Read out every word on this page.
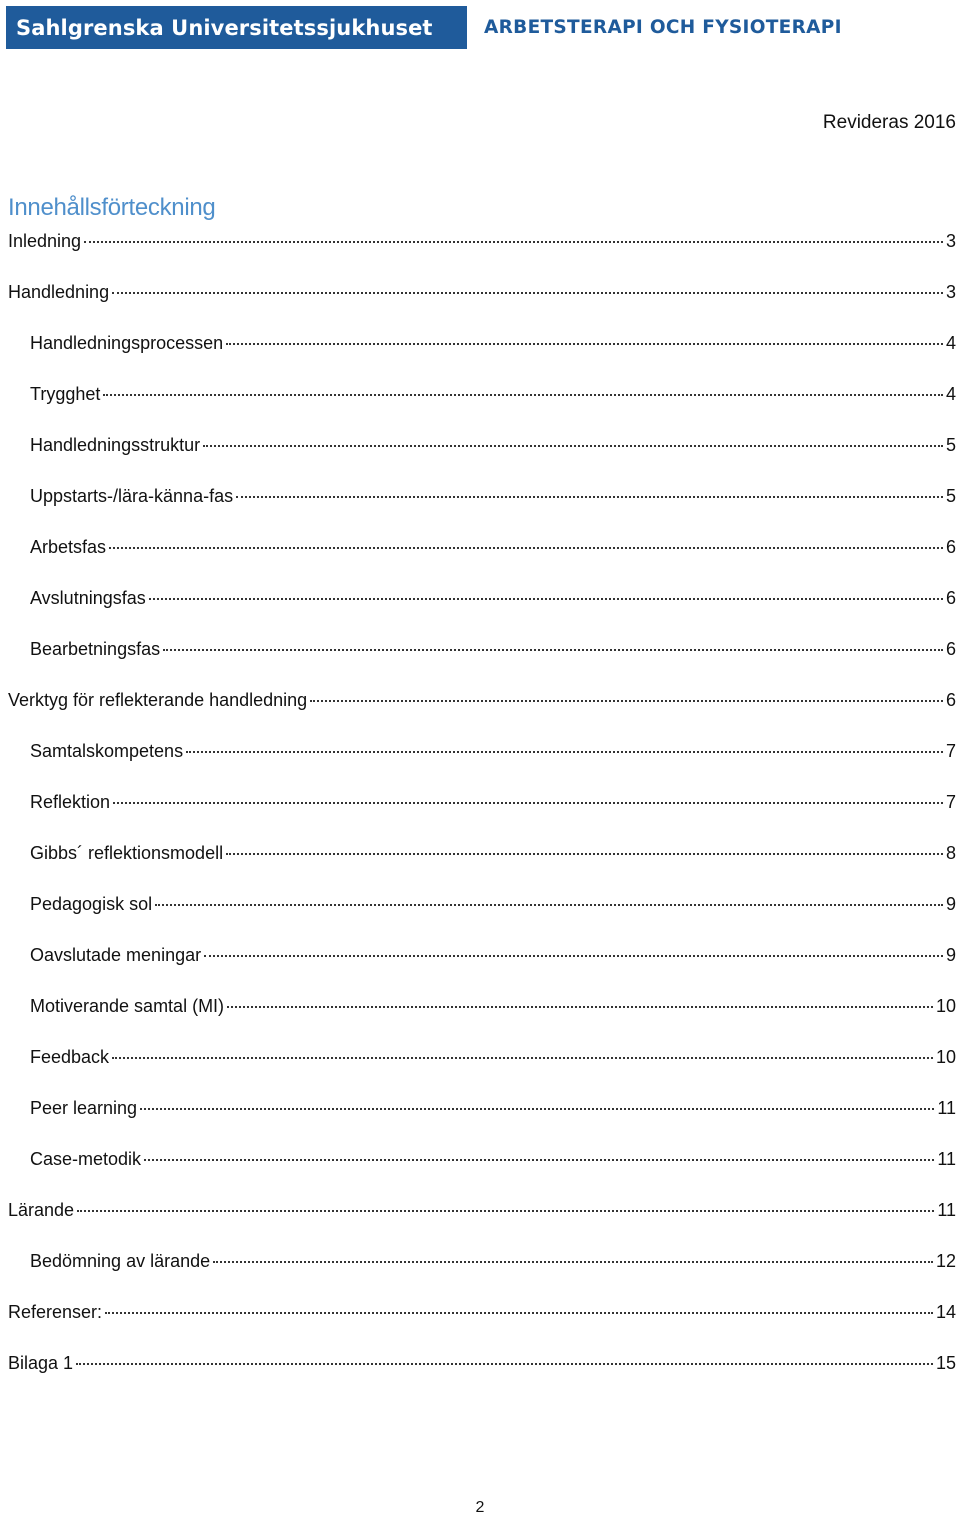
Sahlgrenska Universitetssjukhuset	ARBETSTERAPI OCH FYSIOTERAPI
Revideras 2016
Innehållsförteckning
Inledning	3
Handledning	3
Handledningsprocessen	4
Trygghet	4
Handledningsstruktur	5
Uppstarts-/lära-känna-fas	5
Arbetsfas	6
Avslutningsfas	6
Bearbetningsfas	6
Verktyg för reflekterande handledning	6
Samtalskompetens	7
Reflektion	7
Gibbs´ reflektionsmodell	8
Pedagogisk sol	9
Oavslutade meningar	9
Motiverande samtal (MI)	10
Feedback	10
Peer learning	11
Case-metodik	11
Lärande	11
Bedömning av lärande	12
Referenser:	14
Bilaga 1	15
2
